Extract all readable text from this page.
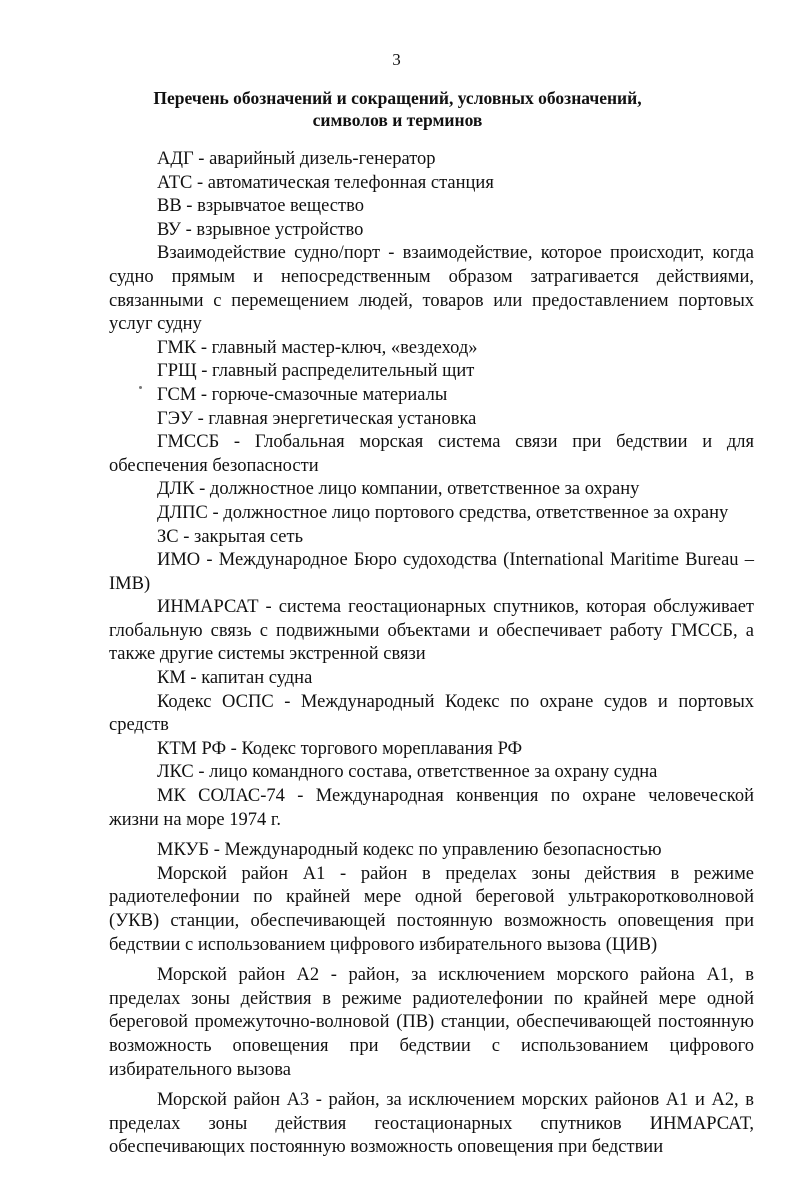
3
Перечень обозначений и сокращений, условных обозначений,
символов и терминов

АДГ - аварийный дизель-генератор

АТС - автоматическая телефонная станция

ВВ - взрывчатое вещество

ВУ - взрывное устройство

Взаимодействие судно/порт - взаимодействие, которое происходит, когда судно прямым и непосредственным образом затрагивается действиями, связанными с перемещением людей, товаров или предоставлением портовых услуг судну

ГМК - главный мастер-ключ, «вездеход»

ГРЩ - главный распределительный щит

ГСМ - горюче-смазочные материалы

ГЭУ - главная энергетическая установка

ГМССБ - Глобальная морская система связи при бедствии и для обеспечения безопасности

ДЛК - должностное лицо компании, ответственное за охрану

ДЛПС - должностное лицо портового средства, ответственное за охрану

ЗС - закрытая сеть

ИМО - Международное Бюро судоходства (International Maritime Bureau – IMB)

ИНМАРСАТ - система геостационарных спутников, которая обслуживает глобальную связь с подвижными объектами и обеспечивает работу ГМССБ, а также другие системы экстренной связи

КМ - капитан судна

Кодекс ОСПС - Международный Кодекс по охране судов и портовых средств

КТМ РФ - Кодекс торгового мореплавания РФ

ЛКС - лицо командного состава, ответственное за охрану судна

МК СОЛАС-74 - Международная конвенция по охране человеческой жизни на море 1974 г.

МКУБ - Международный кодекс по управлению безопасностью

Морской район А1 - район в пределах зоны действия в режиме радиотелефонии по крайней мере одной береговой ультракоротковолновой (УКВ) станции, обеспечивающей постоянную возможность оповещения при бедствии с использованием цифрового избирательного вызова (ЦИВ)

Морской район А2 - район, за исключением морского района А1, в пределах зоны действия в режиме радиотелефонии по крайней мере одной береговой промежуточно-волновой (ПВ) станции, обеспечивающей постоянную возможность оповещения при бедствии с использованием цифрового избирательного вызова

Морской район А3 - район, за исключением морских районов А1 и А2, в пределах зоны действия геостационарных спутников ИНМАРСАТ, обеспечивающих постоянную возможность оповещения при бедствии
